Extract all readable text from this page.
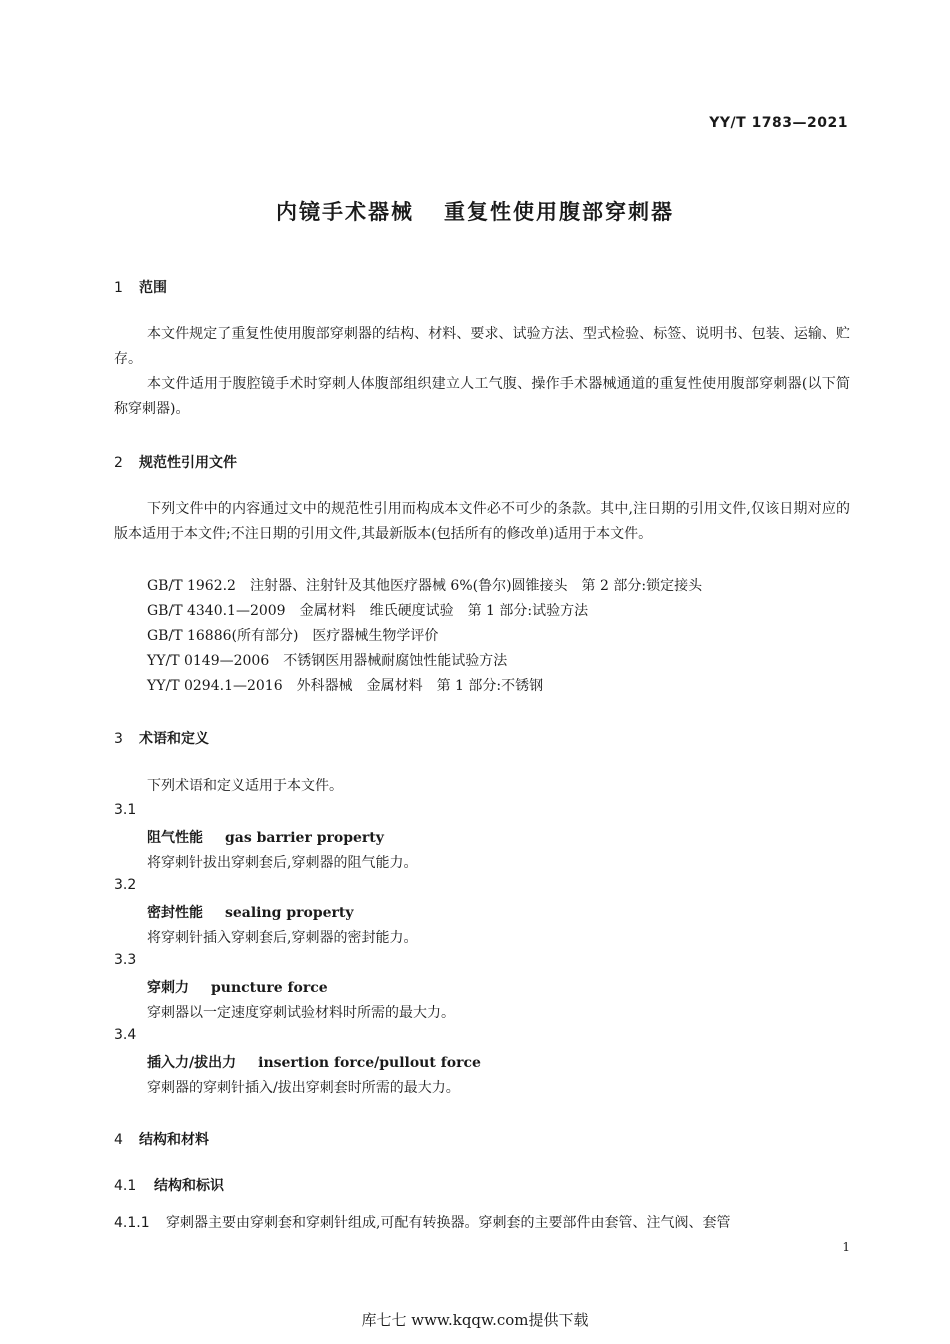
YY/T 1783—2021
内镜手术器械 重复性使用腹部穿刺器
1 范围
本文件规定了重复性使用腹部穿刺器的结构、材料、要求、试验方法、型式检验、标签、说明书、包装、运输、贮存。
本文件适用于腹腔镜手术时穿刺人体腹部组织建立人工气腹、操作手术器械通道的重复性使用腹部穿刺器(以下简称穿刺器)。
2 规范性引用文件
下列文件中的内容通过文中的规范性引用而构成本文件必不可少的条款。其中,注日期的引用文件,仅该日期对应的版本适用于本文件;不注日期的引用文件,其最新版本(包括所有的修改单)适用于本文件。
GB/T 1962.2　注射器、注射针及其他医疗器械 6%(鲁尔)圆锥接头　第 2 部分:锁定接头
GB/T 4340.1—2009　金属材料　维氏硬度试验　第 1 部分:试验方法
GB/T 16886(所有部分)　医疗器械生物学评价
YY/T 0149—2006　不锈钢医用器械耐腐蚀性能试验方法
YY/T 0294.1—2016　外科器械　金属材料　第 1 部分:不锈钢
3 术语和定义
下列术语和定义适用于本文件。
3.1
阻气性能 gas barrier property
将穿刺针拔出穿刺套后,穿刺器的阻气能力。
3.2
密封性能 sealing property
将穿刺针插入穿刺套后,穿刺器的密封能力。
3.3
穿刺力 puncture force
穿刺器以一定速度穿刺试验材料时所需的最大力。
3.4
插入力/拔出力 insertion force/pullout force
穿刺器的穿刺针插入/拔出穿刺套时所需的最大力。
4 结构和材料
4.1 结构和标识
4.1.1 穿刺器主要由穿刺套和穿刺针组成,可配有转换器。穿刺套的主要部件由套管、注气阀、套管
1
库七七 www.kqqw.com提供下载
